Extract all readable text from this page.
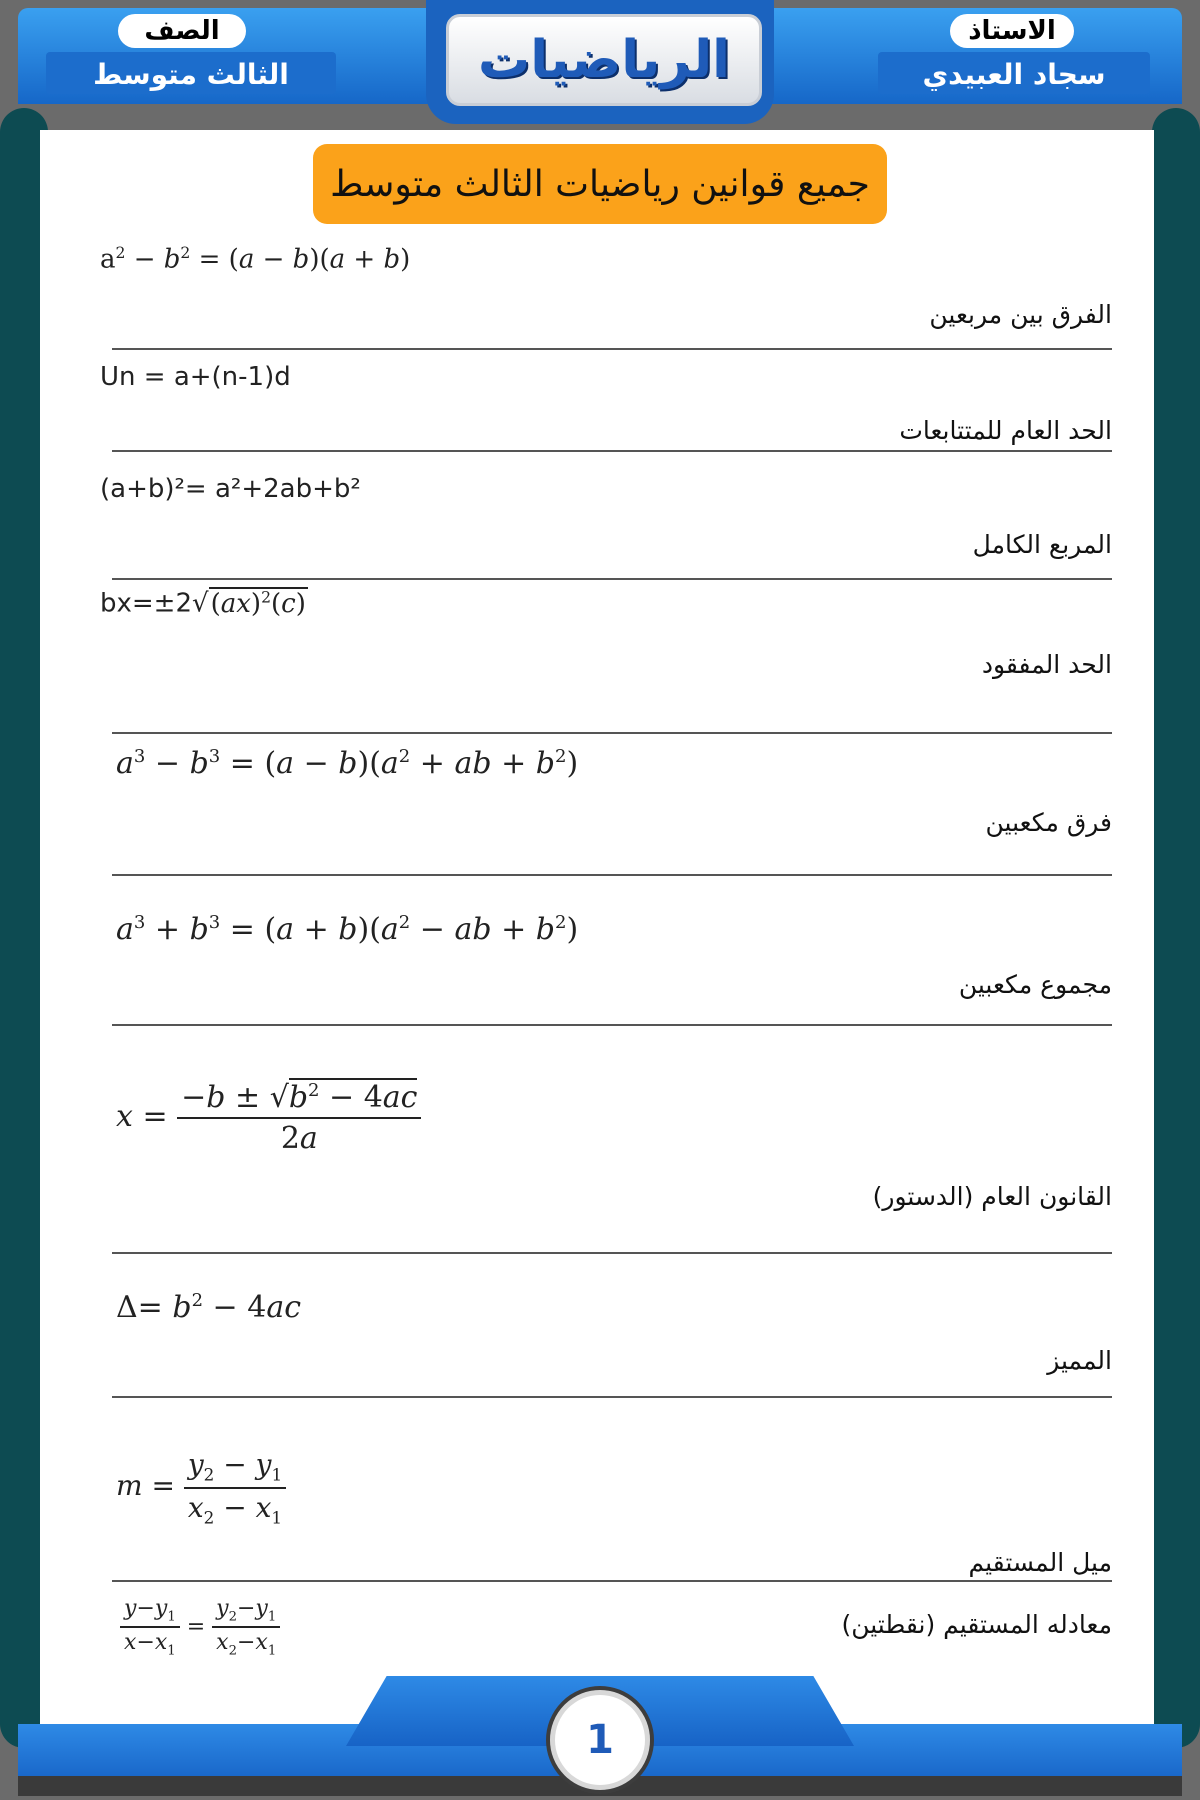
الصف
الثالث متوسط
الاستاذ
سجاد العبيدي
الرياضيات
جميع قوانين رياضيات الثالث متوسط
$a^2 - b^2 = (a - b)(a + b)$
الفرق بين مربعين
Un = a+(n-1)d
الحد العام للمتتابعات
(a+b)²= a²+2ab+b²
المربع الكامل
bx=±2√(ax)$^2$(c)
الحد المفقود
$a^3 - b^3 = (a - b)(a^2$ + ab + $b^2$)
فرق مكعبين
$a^3 + b^3 = (a + b)(a^2$ − ab + $b^2$)
مجموع مكعبين
$x = \frac{-b \pm √b^2 - 4ac}{2a}$
القانون العام (الدستور)
$\Delta= b^2 - 4ac$
المميز
$m = \frac{y_2 - y_1}{x_2 - x_1}$
ميل المستقيم
$\frac{y-y_1}{x-x_1} = \frac{y_2-y_1}{x_2-x_1}$	معادله المستقيم (نقطتين)
1
